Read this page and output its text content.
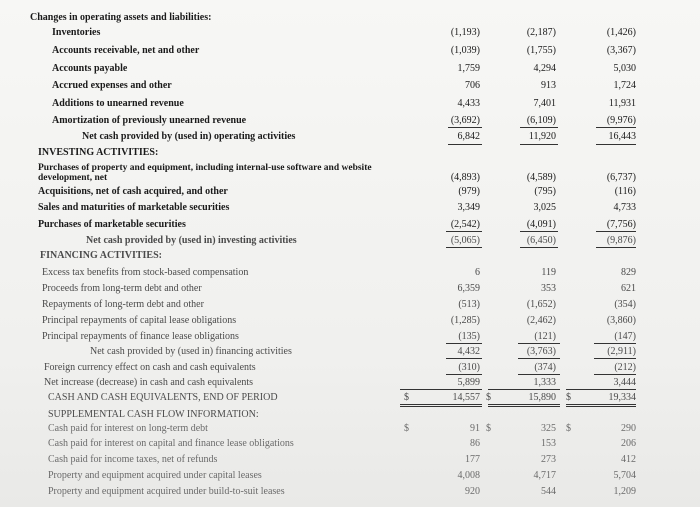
Changes in operating assets and liabilities:
Inventories	(1,193)	(2,187)	(1,426)
Accounts receivable, net and other	(1,039)	(1,755)	(3,367)
Accounts payable	1,759	4,294	5,030
Accrued expenses and other	706	913	1,724
Additions to unearned revenue	4,433	7,401	11,931
Amortization of previously unearned revenue	(3,692)	(6,109)	(9,976)
Net cash provided by (used in) operating activities	6,842	11,920	16,443
INVESTING ACTIVITIES:
Purchases of property and equipment, including internal-use software and website
development, net	(4,893)	(4,589)	(6,737)
Acquisitions, net of cash acquired, and other	(979)	(795)	(116)
Sales and maturities of marketable securities	3,349	3,025	4,733
Purchases of marketable securities	(2,542)	(4,091)	(7,756)
Net cash provided by (used in) investing activities	(5,065)	(6,450)	(9,876)
FINANCING ACTIVITIES:
Excess tax benefits from stock-based compensation	6	119	829
Proceeds from long-term debt and other	6,359	353	621
Repayments of long-term debt and other	(513)	(1,652)	(354)
Principal repayments of capital lease obligations	(1,285)	(2,462)	(3,860)
Principal repayments of finance lease obligations	(135)	(121)	(147)
Net cash provided by (used in) financing activities	4,432	(3,763)	(2,911)
Foreign currency effect on cash and cash equivalents	(310)	(374)	(212)
Net increase (decrease) in cash and cash equivalents	5,899	1,333	3,444
CASH AND CASH EQUIVALENTS, END OF PERIOD	$	14,557 $	15,890 $	19,334
SUPPLEMENTAL CASH FLOW INFORMATION:
Cash paid for interest on long-term debt	$	91 $	325 $	290
Cash paid for interest on capital and finance lease obligations	86	153	206
Cash paid for income taxes, net of refunds	177	273	412
Property and equipment acquired under capital leases	4,008	4,717	5,704
Property and equipment acquired under build-to-suit leases	920	544	1,209
